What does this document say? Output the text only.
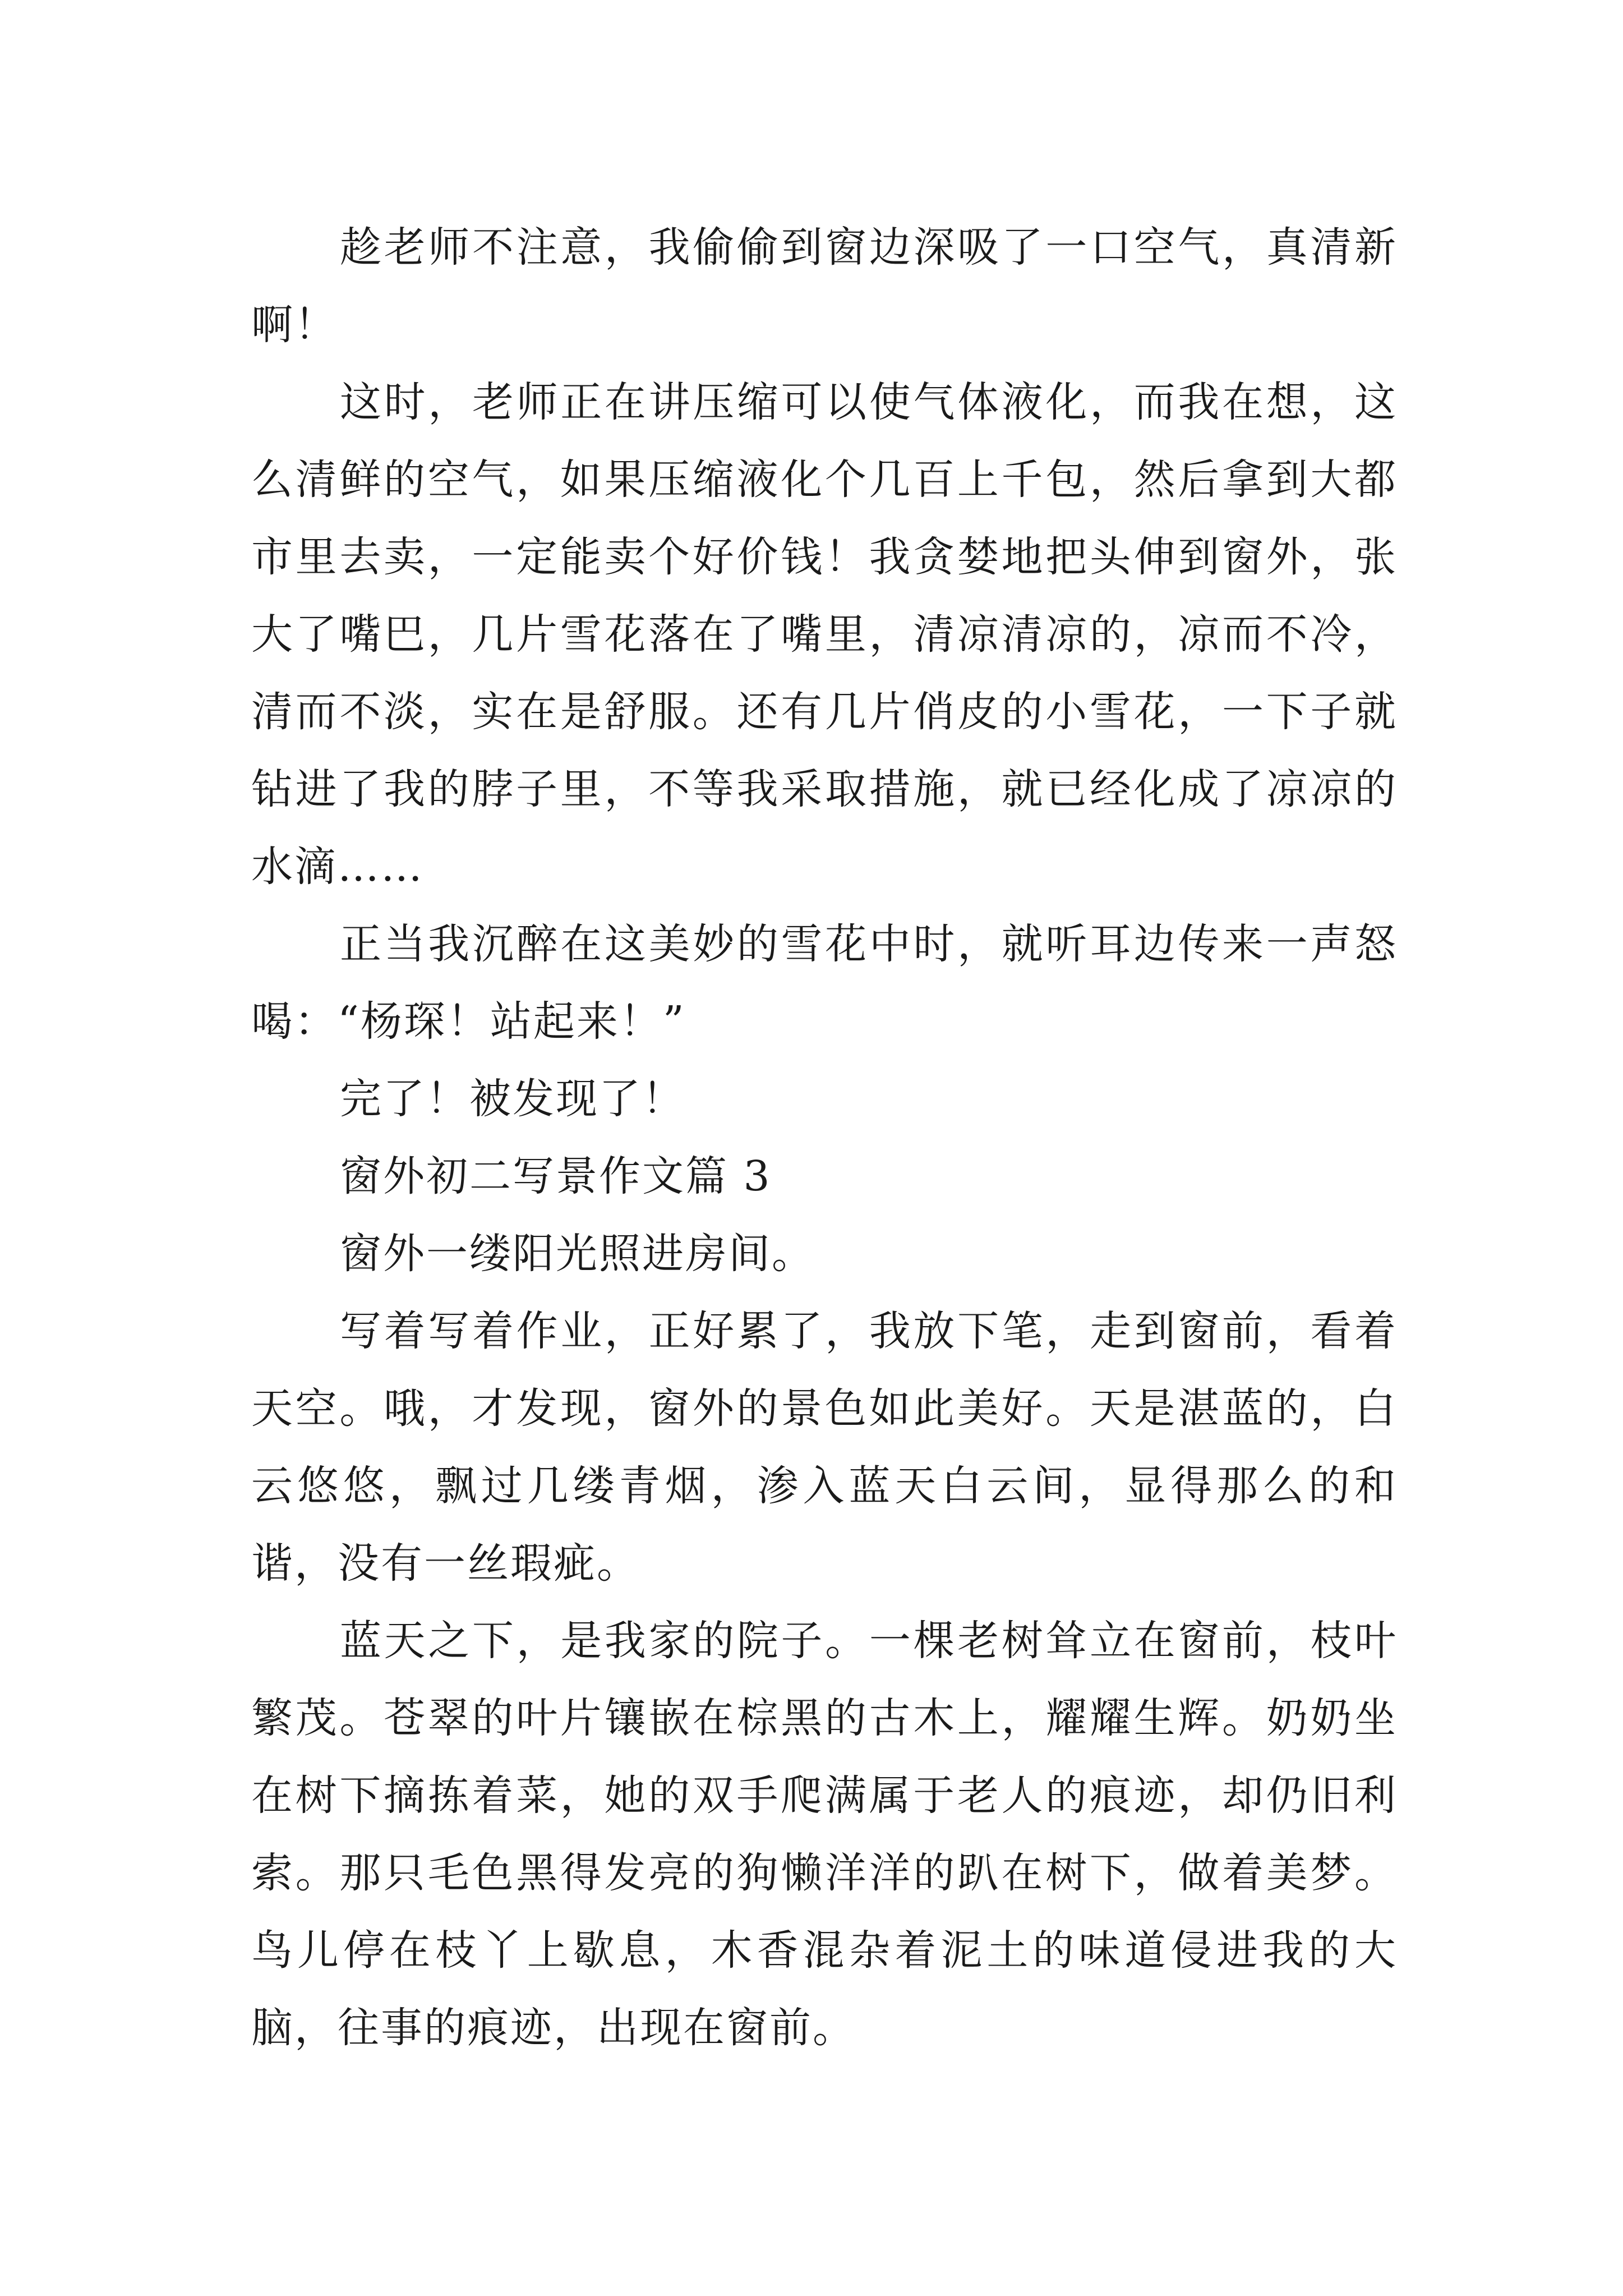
趁老师不注意，我偷偷到窗边深吸了一口空气，真清新啊！

这时，老师正在讲压缩可以使气体液化，而我在想，这么清鲜的空气，如果压缩液化个几百上千包，然后拿到大都市里去卖，一定能卖个好价钱！我贪婪地把头伸到窗外，张大了嘴巴，几片雪花落在了嘴里，清凉清凉的，凉而不冷，清而不淡，实在是舒服。还有几片俏皮的小雪花，一下子就钻进了我的脖子里，不等我采取措施，就已经化成了凉凉的水滴……

正当我沉醉在这美妙的雪花中时，就听耳边传来一声怒喝：“杨琛！站起来！”

完了！被发现了！

窗外初二写景作文篇 3

窗外一缕阳光照进房间。

写着写着作业，正好累了，我放下笔，走到窗前，看着天空。哦，才发现，窗外的景色如此美好。天是湛蓝的，白云悠悠，飘过几缕青烟，渗入蓝天白云间，显得那么的和谐，没有一丝瑕疵。

蓝天之下，是我家的院子。一棵老树耸立在窗前，枝叶繁茂。苍翠的叶片镶嵌在棕黑的古木上，耀耀生辉。奶奶坐在树下摘拣着菜，她的双手爬满属于老人的痕迹，却仍旧利索。那只毛色黑得发亮的狗懒洋洋的趴在树下，做着美梦。鸟儿停在枝丫上歇息，木香混杂着泥土的味道侵进我的大脑，往事的痕迹，出现在窗前。
